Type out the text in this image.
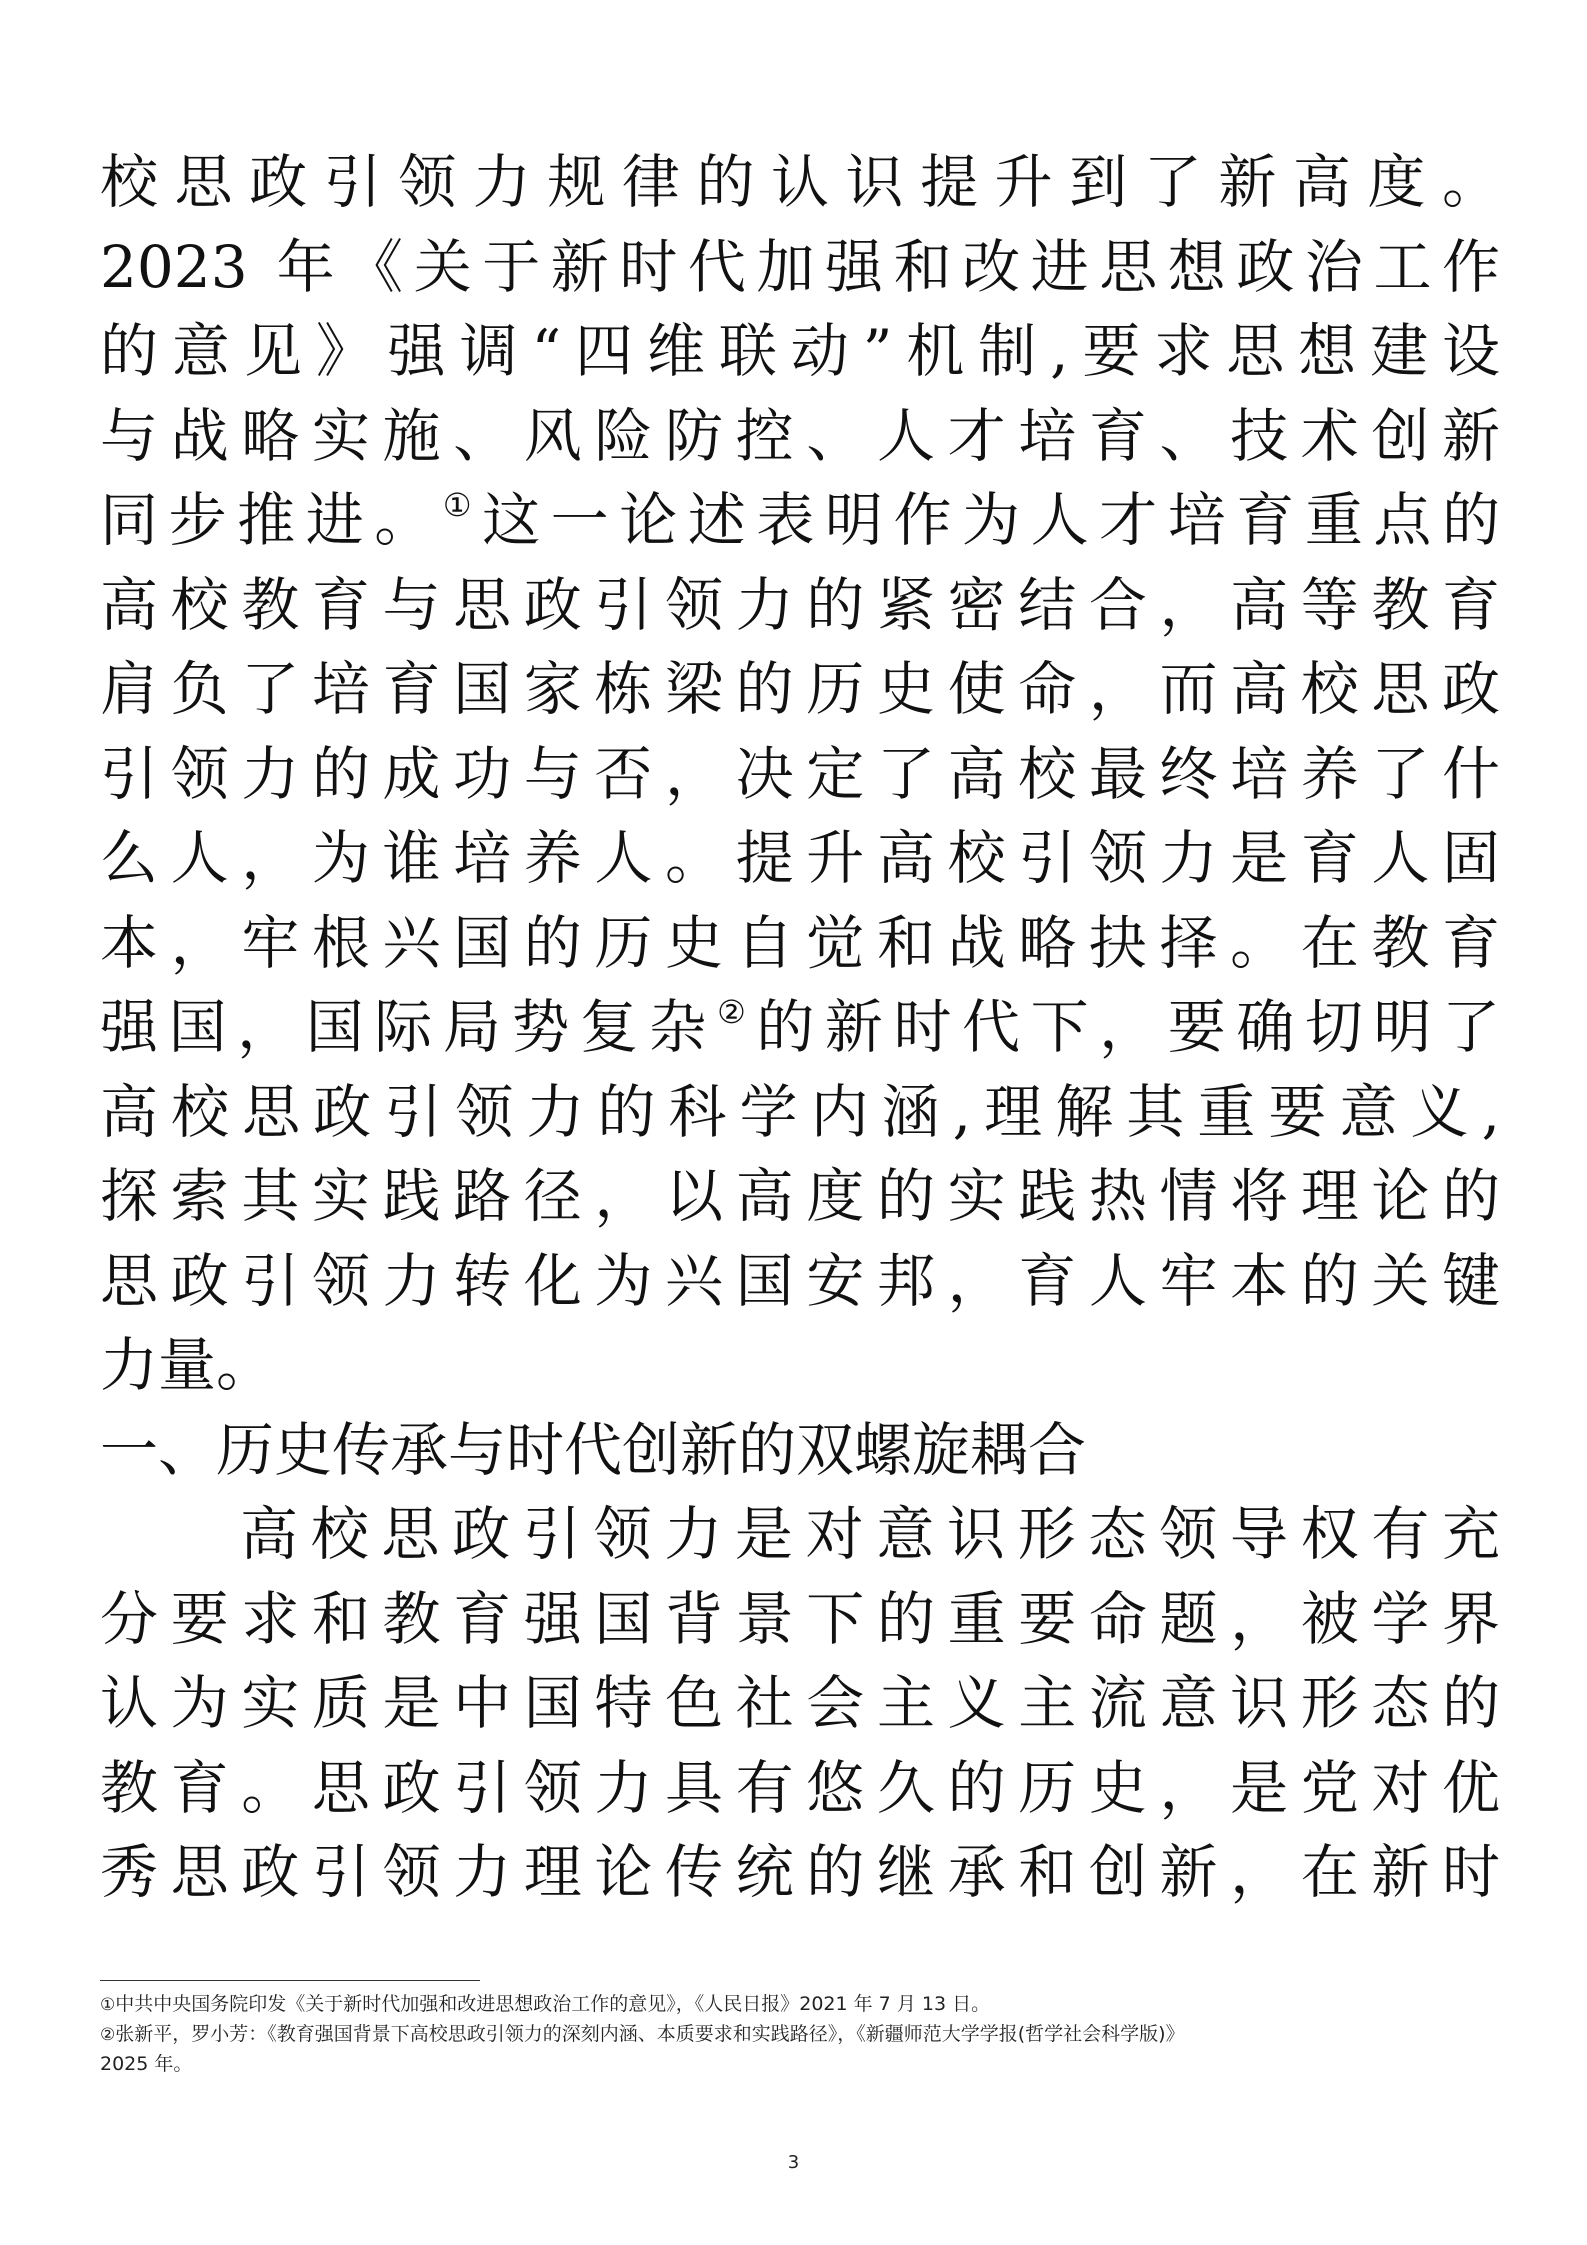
校思政引领力规律的认识提升到了新高度。
2023 年《关于新时代加强和改进思想政治工作
的意见》强调“四维联动”机制,要求思想建设
与战略实施、风险防控、人才培育、技术创新
同步推进。①这一论述表明作为人才培育重点的
高校教育与思政引领力的紧密结合，高等教育
肩负了培育国家栋梁的历史使命，而高校思政
引领力的成功与否，决定了高校最终培养了什
么人，为谁培养人。提升高校引领力是育人固
本，牢根兴国的历史自觉和战略抉择。在教育
强国，国际局势复杂②的新时代下，要确切明了
高校思政引领力的科学内涵,理解其重要意义,
探索其实践路径，以高度的实践热情将理论的
思政引领力转化为兴国安邦，育人牢本的关键
力量。
一、历史传承与时代创新的双螺旋耦合
高校思政引领力是对意识形态领导权有充
分要求和教育强国背景下的重要命题，被学界
认为实质是中国特色社会主义主流意识形态的
教育。思政引领力具有悠久的历史，是党对优
秀思政引领力理论传统的继承和创新，在新时
①中共中央国务院印发《关于新时代加强和改进思想政治工作的意见》，《人民日报》2021 年 7 月 13 日。
②张新平，罗小芳：《教育强国背景下高校思政引领力的深刻内涵、本质要求和实践路径》，《新疆师范大学学报(哲学社会科学版)》
2025 年。
3
